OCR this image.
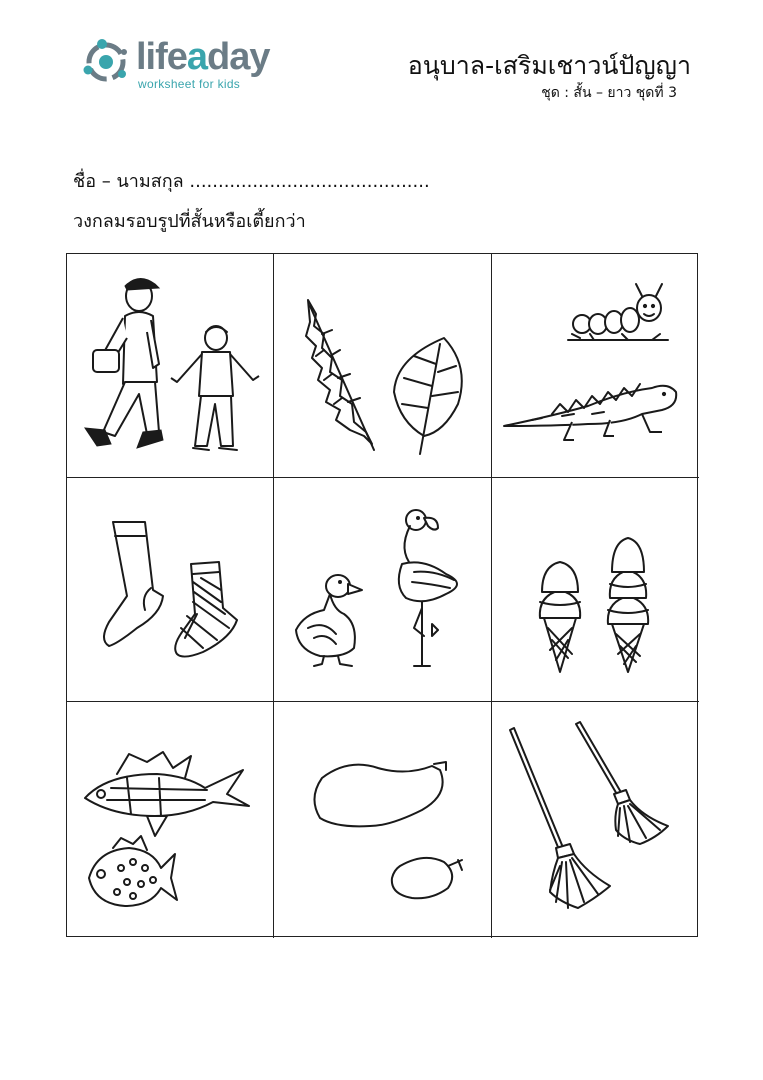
lifeaday
worksheet for kids
อนุบาล-เสริมเชาวน์ปัญญา
ชุด : สั้น – ยาว ชุดที่ 3
ชื่อ – นามสกุล ..........................................
วงกลมรอบรูปที่สั้นหรือเตี้ยกว่า
